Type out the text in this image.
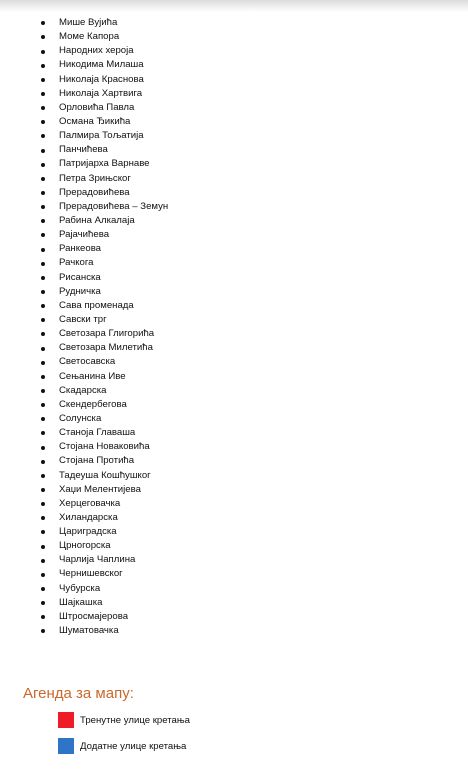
Мише Вујића
Моме Капора
Народних хероја
Никодима Милаша
Николаја Краснова
Николаја Хартвига
Орловића Павла
Османа Ђикића
Палмира Тољатија
Панчићева
Патријарха Варнаве
Петра Зрињског
Прерадовићева
Прерадовићева – Земун
Рабина Алкалаја
Рајачићева
Ранкеова
Рачкога
Рисанска
Рудничка
Сава променада
Савски трг
Светозара Глигорића
Светозара Милетића
Светосавска
Сењанина Иве
Скадарска
Скендербегова
Солунска
Станоја Главаша
Стојана Новаковића
Стојана Протића
Тадеуша Кошћушког
Хаџи Мелентијева
Херцеговачка
Хиландарска
Цариградска
Црногорска
Чарлија Чаплина
Чернишевског
Чубурска
Шајкашка
Штросмајерова
Шуматовачка
Агенда за мапу:
Тренутне улице кретања
Додатне улице кретања
